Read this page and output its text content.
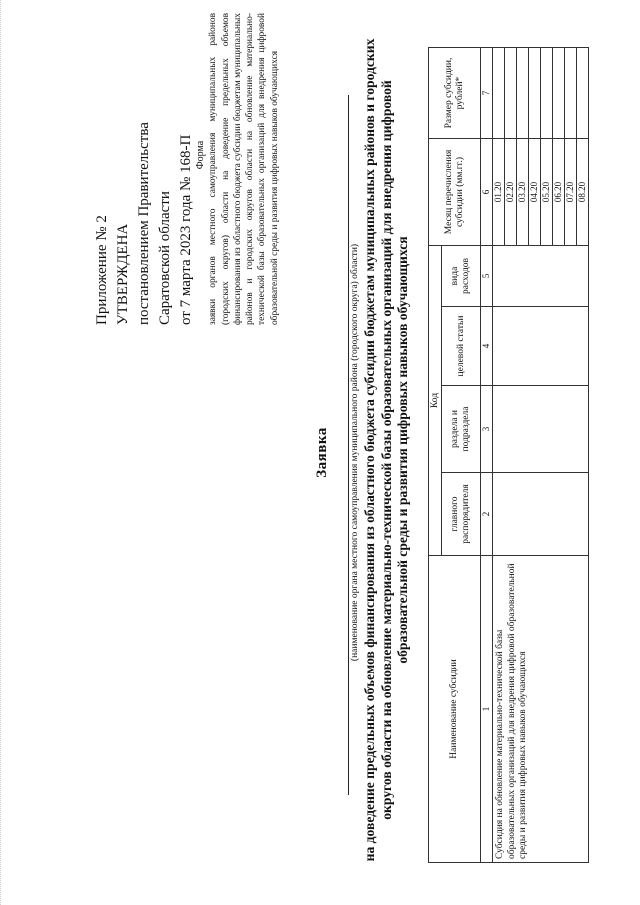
Приложение № 2 УТВЕРЖДЕНА постановлением Правительства Саратовской области от 7 марта 2023 года № 168-П Форма заявки органов местного самоуправления муниципальных районов (городских округов) области на доведение предельных объемов финансирования из областного бюджета субсидии бюджетам муниципальных районов и городских округов области на обновление материально-технической базы образовательных организаций для внедрения цифровой образовательной среды и развития цифровых навыков обучающихся
Заявка (наименование органа местного самоуправления муниципального района (городского округа) области) на доведение предельных объемов финансирования из областного бюджета субсидии бюджетам муниципальных районов и городских округов области на обновление материально-технической базы образовательных организаций для внедрения цифровой образовательной среды и развития цифровых навыков обучающихся
Наименование субсидии	Код				Месяц перечисления субсидии (мм.гг.)	Размер субсидии, рублей*
	главного распорядителя	раздела и подраздела	целевой статьи	вида расходов		
1	2	3	4	5	6	7
Субсидия на обновление материально-технической базы образовательных организаций для внедрения цифровой образовательной среды и развития цифровых навыков обучающихся					01.20	
					02.20	
					03.20	
					04.20	
					05.20	
					06.20	
					07.20	
					08.20	
